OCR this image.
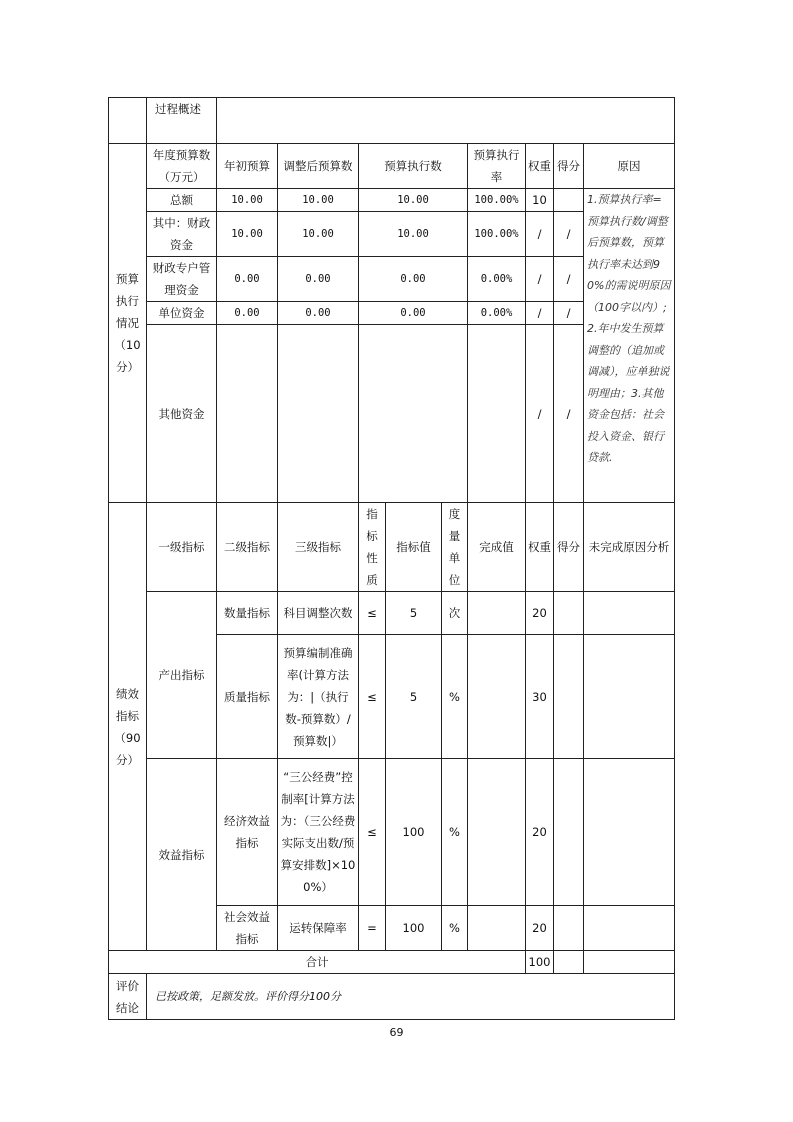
	过程概述									
预算执行情况（10分）	年度预算数（万元）	年初预算	调整后预算数	预算执行数			预算执行率	权重	得分	原因
	总额	10.00	10.00	10.00			100.00%	10		1.预算执行率=预算执行数/调整后预算数，预算执行率未达到90%的需说明原因（100字以内）;2.年中发生预算调整的（追加或调减），应单独说明理由；3.其他资金包括：社会投入资金、银行贷款.
	其中：财政资金	10.00	10.00	10.00			100.00%	/	/	
	财政专户管理资金	0.00	0.00	0.00			0.00%	/	/	
	单位资金	0.00	0.00	0.00			0.00%	/	/	
	其他资金							/	/	
绩效指标（90分）	一级指标	二级指标	三级指标	指标性质	指标值	度量单位	完成值	权重	得分	未完成原因分析
	产出指标	数量指标	科目调整次数	≤	5	次		20		
		质量指标	预算编制准确率(计算方法为：|（执行数-预算数）/预算数|）	≤	5	%		30		
	效益指标	经济效益指标	“三公经费”控制率[计算方法为：（三公经费实际支出数/预算安排数]×100%）	≤	100	%		20		
		社会效益指标	运转保障率	=	100	%		20		
合计								100		
评价结论	已按政策，足额发放。评价得分100分									
69
